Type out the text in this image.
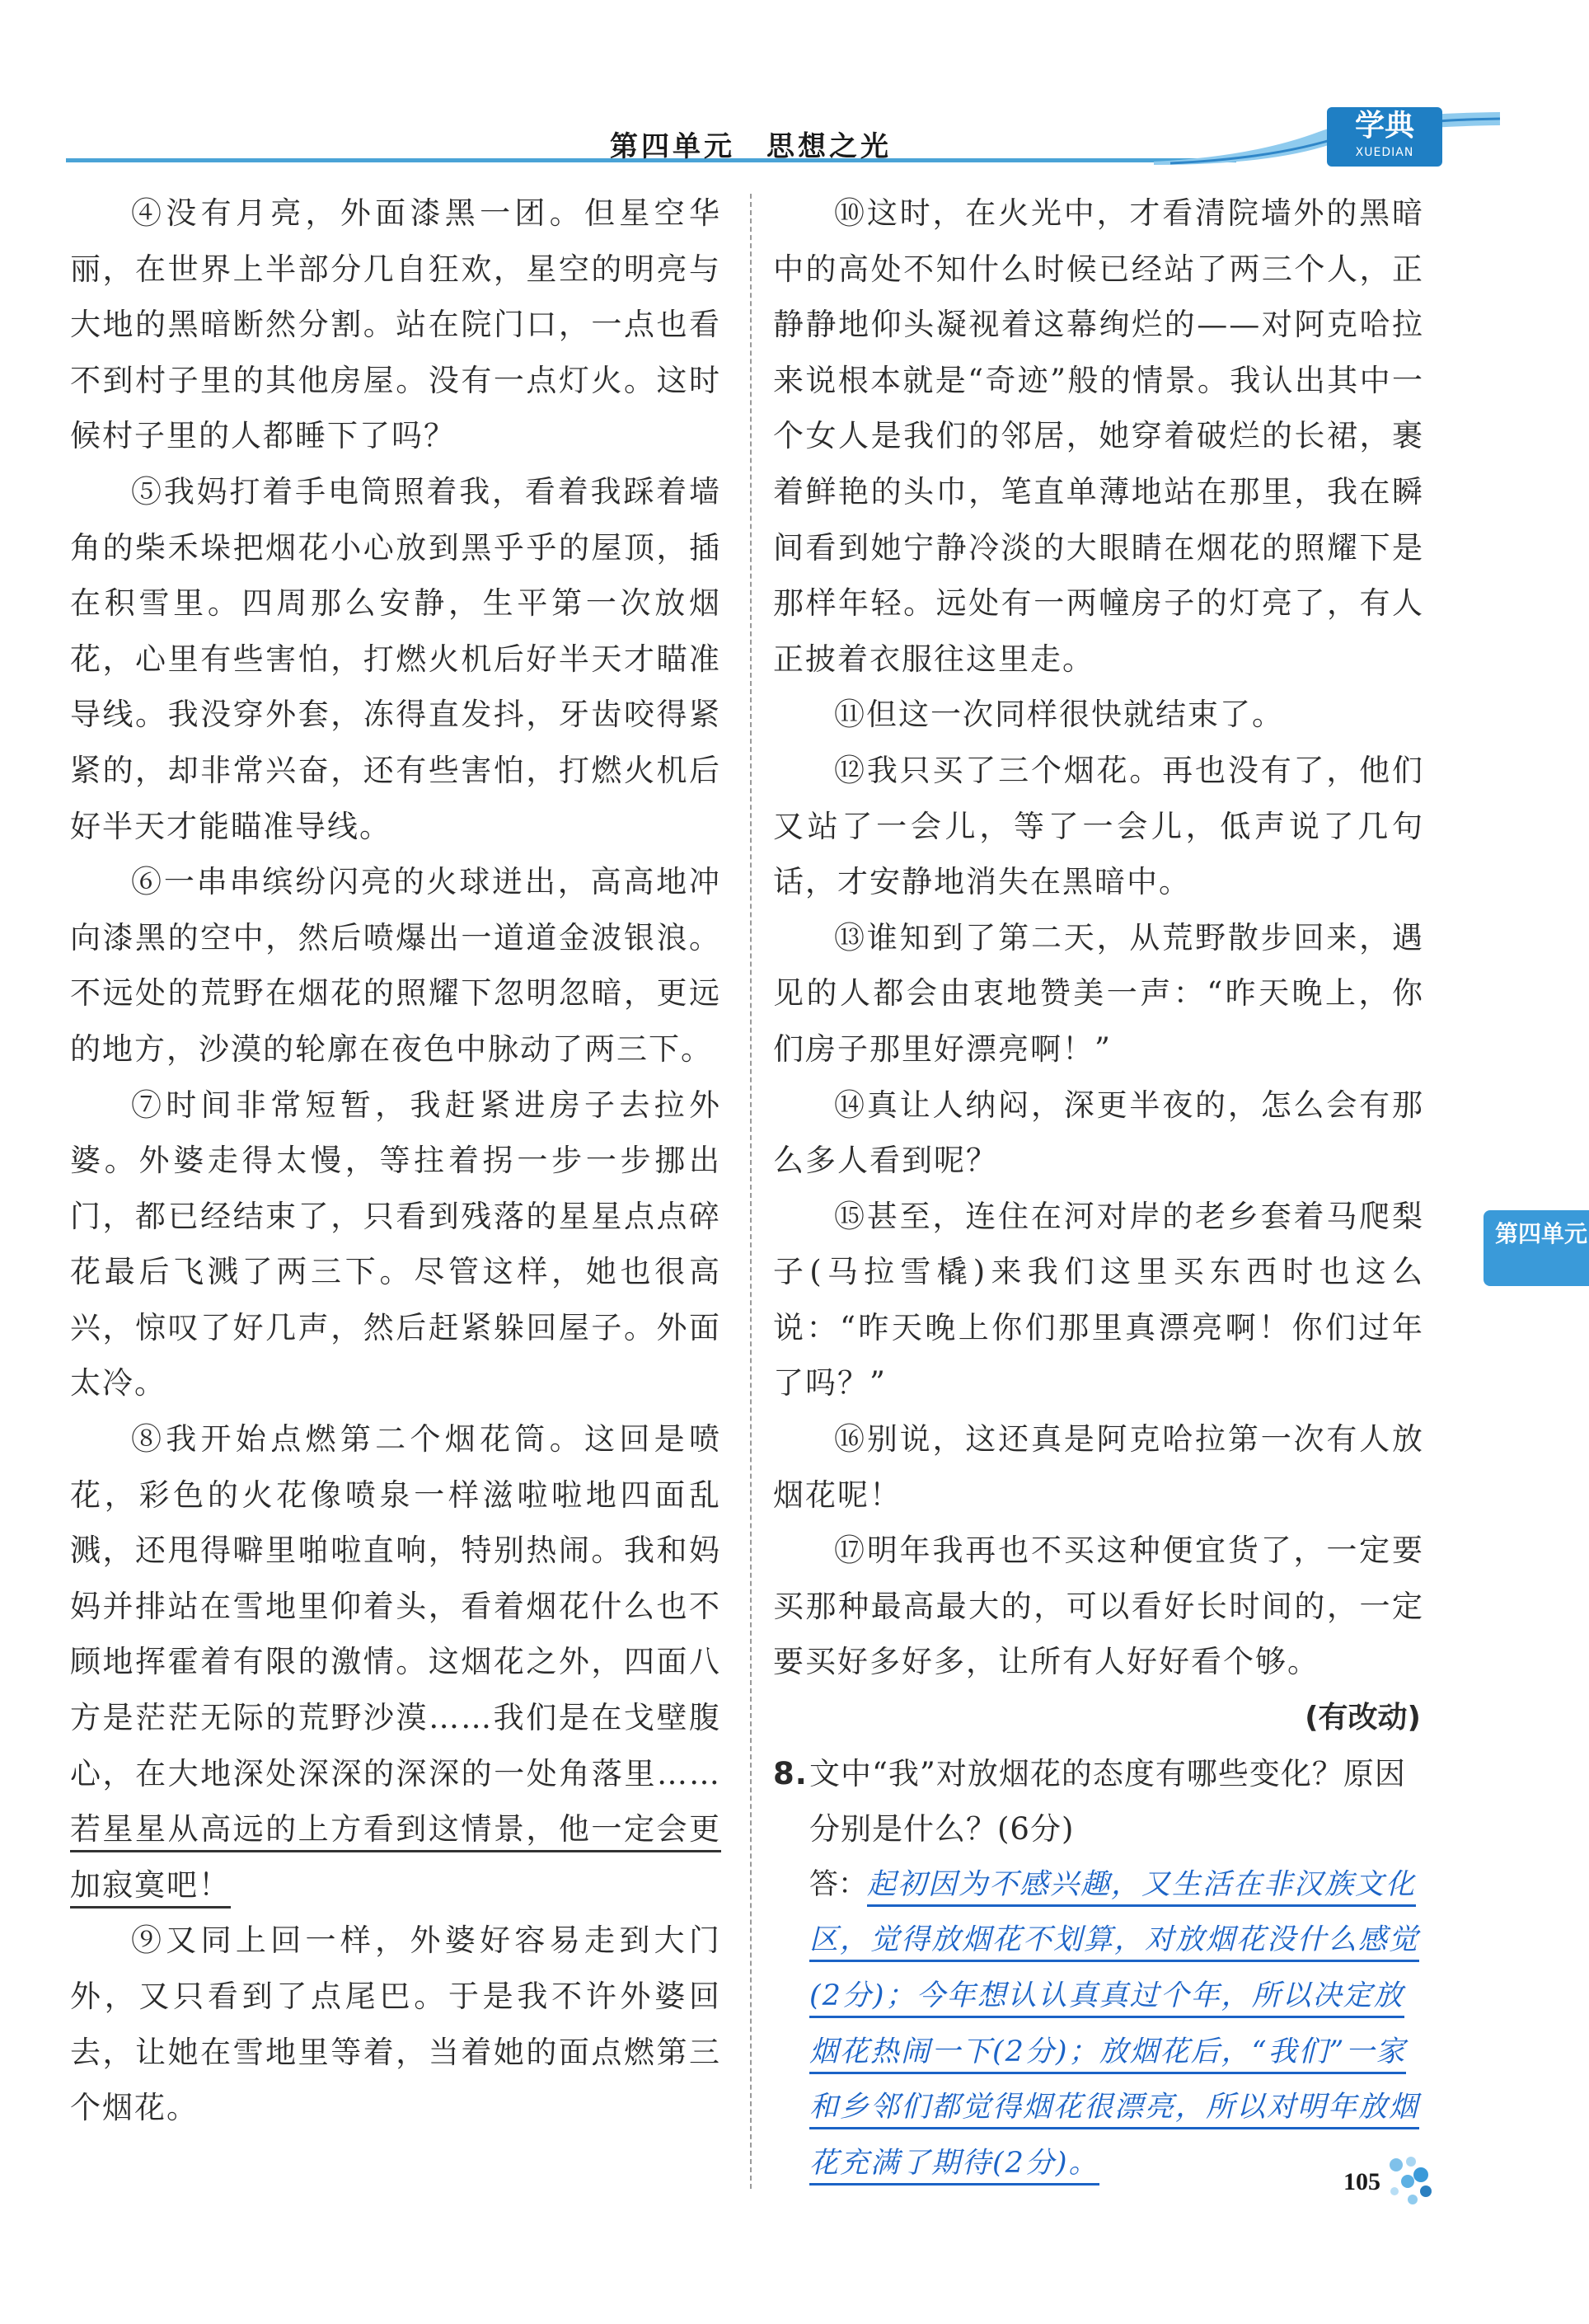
第四单元　思想之光
学典
XUEDIAN

④没有月亮，外面漆黑一团。但星空华丽，在世界上半部分几自狂欢，星空的明亮与大地的黑暗断然分割。站在院门口，一点也看不到村子里的其他房屋。没有一点灯火。这时候村子里的人都睡下了吗？

⑤我妈打着手电筒照着我，看着我踩着墙角的柴禾垛把烟花小心放到黑乎乎的屋顶，插在积雪里。四周那么安静，生平第一次放烟花，心里有些害怕，打燃火机后好半天才瞄准导线。我没穿外套，冻得直发抖，牙齿咬得紧紧的，却非常兴奋，还有些害怕，打燃火机后好半天才能瞄准导线。

⑥一串串缤纷闪亮的火球迸出，高高地冲向漆黑的空中，然后喷爆出一道道金波银浪。不远处的荒野在烟花的照耀下忽明忽暗，更远的地方，沙漠的轮廓在夜色中脉动了两三下。

⑦时间非常短暂，我赶紧进房子去拉外婆。外婆走得太慢，等拄着拐一步一步挪出门，都已经结束了，只看到残落的星星点点碎花最后飞溅了两三下。尽管这样，她也很高兴，惊叹了好几声，然后赶紧躲回屋子。外面太冷。

⑧我开始点燃第二个烟花筒。这回是喷花，彩色的火花像喷泉一样滋啦啦地四面乱溅，还甩得噼里啪啦直响，特别热闹。我和妈妈并排站在雪地里仰着头，看着烟花什么也不顾地挥霍着有限的激情。这烟花之外，四面八方是茫茫无际的荒野沙漠……我们是在戈壁腹心，在大地深处深深的深深的一处角落里……若星星从高远的上方看到这情景，他一定会更加寂寞吧！

⑨又同上回一样，外婆好容易走到大门外，又只看到了点尾巴。于是我不许外婆回去，让她在雪地里等着，当着她的面点燃第三个烟花。

⑩这时，在火光中，才看清院墙外的黑暗中的高处不知什么时候已经站了两三个人，正静静地仰头凝视着这幕绚烂的——对阿克哈拉来说根本就是“奇迹”般的情景。我认出其中一个女人是我们的邻居，她穿着破烂的长裙，裹着鲜艳的头巾，笔直单薄地站在那里，我在瞬间看到她宁静冷淡的大眼睛在烟花的照耀下是那样年轻。远处有一两幢房子的灯亮了，有人正披着衣服往这里走。

⑪但这一次同样很快就结束了。

⑫我只买了三个烟花。再也没有了，他们又站了一会儿，等了一会儿，低声说了几句话，才安静地消失在黑暗中。

⑬谁知到了第二天，从荒野散步回来，遇见的人都会由衷地赞美一声：“昨天晚上，你们房子那里好漂亮啊！”

⑭真让人纳闷，深更半夜的，怎么会有那么多人看到呢？

⑮甚至，连住在河对岸的老乡套着马爬梨子(马拉雪橇)来我们这里买东西时也这么说：“昨天晚上你们那里真漂亮啊！你们过年了吗？”

⑯别说，这还真是阿克哈拉第一次有人放烟花呢！

⑰明年我再也不买这种便宜货了，一定要买那种最高最大的，可以看好长时间的，一定要买好多好多，让所有人好好看个够。

(有改动)
8. 文中“我”对放烟花的态度有哪些变化？原因分别是什么？(6分)
答：起初因为不感兴趣，又生活在非汉族文化区，觉得放烟花不划算，对放烟花没什么感觉(2分)；今年想认认真真过个年，所以决定放烟花热闹一下(2分)；放烟花后，“我们”一家和乡邻们都觉得烟花很漂亮，所以对明年放烟花充满了期待(2分)。
第四单元
105
